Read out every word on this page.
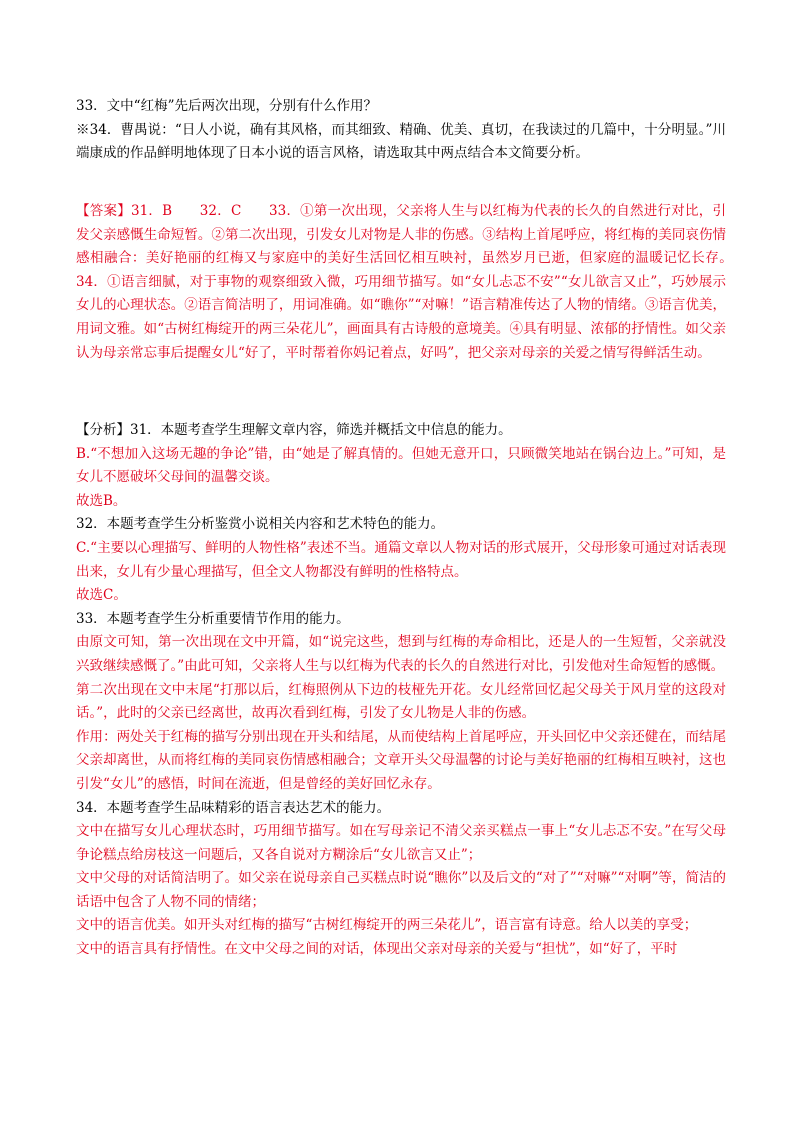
33．文中“红梅”先后两次出现，分别有什么作用？

※34．曹禺说：“日人小说，确有其风格，而其细致、精确、优美、真切，在我读过的几篇中，十分明显。”川端康成的作品鲜明地体现了日本小说的语言风格，请选取其中两点结合本文简要分析。

【答案】31．B　　32．C　　33．①第一次出现，父亲将人生与以红梅为代表的长久的自然进行对比，引发父亲感慨生命短暂。②第二次出现，引发女儿对物是人非的伤感。③结构上首尾呼应，将红梅的美同哀伤情感相融合：美好艳丽的红梅又与家庭中的美好生活回忆相互映衬，虽然岁月已逝，但家庭的温暖记忆长存。　　34．①语言细腻，对于事物的观察细致入微，巧用细节描写。如“女儿忐忑不安”“女儿欲言又止”，巧妙展示女儿的心理状态。②语言简洁明了，用词准确。如“瞧你”“对嘛！”语言精准传达了人物的情绪。③语言优美，用词文雅。如“古树红梅绽开的两三朵花儿”，画面具有古诗般的意境美。④具有明显、浓郁的抒情性。如父亲认为母亲常忘事后提醒女儿“好了，平时帮着你妈记着点，好吗”，把父亲对母亲的关爱之情写得鲜活生动。

【分析】31．本题考查学生理解文章内容，筛选并概括文中信息的能力。

B.“不想加入这场无趣的争论”错，由“她是了解真情的。但她无意开口，只顾微笑地站在锅台边上。”可知，是女儿不愿破坏父母间的温馨交谈。

故选B。

32．本题考查学生分析鉴赏小说相关内容和艺术特色的能力。

C.“主要以心理描写、鲜明的人物性格”表述不当。通篇文章以人物对话的形式展开，父母形象可通过对话表现出来，女儿有少量心理描写，但全文人物都没有鲜明的性格特点。

故选C。

33．本题考查学生分析重要情节作用的能力。

由原文可知，第一次出现在文中开篇，如“说完这些，想到与红梅的寿命相比，还是人的一生短暂，父亲就没兴致继续感慨了。”由此可知，父亲将人生与以红梅为代表的长久的自然进行对比，引发他对生命短暂的感慨。

第二次出现在文中末尾“打那以后，红梅照例从下边的枝桠先开花。女儿经常回忆起父母关于风月堂的这段对话。”，此时的父亲已经离世，故再次看到红梅，引发了女儿物是人非的伤感。

作用：两处关于红梅的描写分别出现在开头和结尾，从而使结构上首尾呼应，开头回忆中父亲还健在，而结尾父亲却离世，从而将红梅的美同哀伤情感相融合；文章开头父母温馨的讨论与美好艳丽的红梅相互映衬，这也引发“女儿”的感悟，时间在流逝，但是曾经的美好回忆永存。

34．本题考查学生品味精彩的语言表达艺术的能力。

文中在描写女儿心理状态时，巧用细节描写。如在写母亲记不清父亲买糕点一事上“女儿忐忑不安。”在写父母争论糕点给房枝这一问题后，又各自说对方糊涂后“女儿欲言又止”；

文中父母的对话简洁明了。如父亲在说母亲自己买糕点时说“瞧你”以及后文的“对了”“对嘛”“对啊”等，简洁的话语中包含了人物不同的情绪；

文中的语言优美。如开头对红梅的描写“古树红梅绽开的两三朵花儿”，语言富有诗意。给人以美的享受；

文中的语言具有抒情性。在文中父母之间的对话，体现出父亲对母亲的关爱与“担忧”，如“好了，平时
